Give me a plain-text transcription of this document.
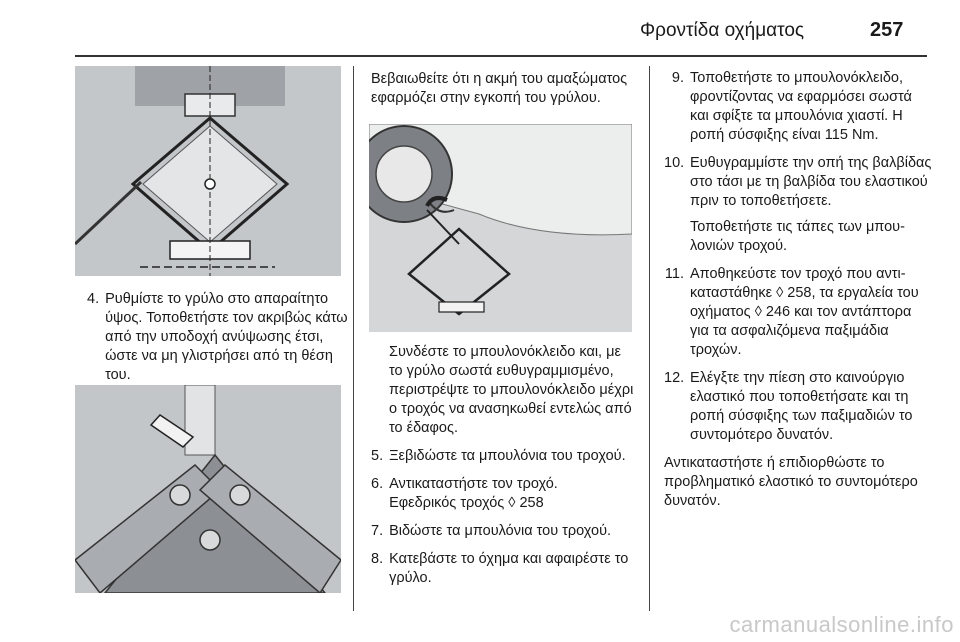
Φροντίδα οχήματος	257
4. Ρυθμίστε το γρύλο στο απαραίτητο ύψος. Τοποθετήστε τον ακριβώς κάτω από την υποδοχή ανύψωσης έτσι, ώστε να μη γλιστρήσει από τη θέση του.

Βεβαιωθείτε ότι η ακμή του αμαξώματος εφαρμόζει στην εγκοπή του γρύλου.

Συνδέστε το μπουλονόκλειδο και, με το γρύλο σωστά ευθυγραμμισμένο, περιστρέψτε το μπουλονόκλειδο μέχρι ο τροχός να ανασηκωθεί εντελώς από το έδαφος.

5. Ξεβιδώστε τα μπουλόνια του τροχού.

6. Αντικαταστήστε τον τροχό.

Εφεδρικός τροχός ◊ 258

7. Βιδώστε τα μπουλόνια του τροχού.

8. Κατεβάστε το όχημα και αφαιρέστε το γρύλο.

9. Τοποθετήστε το μπουλονόκλειδο, φροντίζοντας να εφαρμόσει σωστά και σφίξτε τα μπουλόνια χιαστί. Η ροπή σύσφιξης είναι 115 Nm.

10. Ευθυγραμμίστε την οπή της βαλβίδας στο τάσι με τη βαλβίδα του ελαστικού πριν το τοποθετήσετε.

Τοποθετήστε τις τάπες των μπουλονιών τροχού.

11. Αποθηκεύστε τον τροχό που αντικαταστάθηκε ◊ 258, τα εργαλεία του οχήματος ◊ 246 και τον αντάπτορα για τα ασφαλιζόμενα παξιμάδια τροχών.

12. Ελέγξτε την πίεση στο καινούργιο ελαστικό που τοποθετήσατε και τη ροπή σύσφιξης των παξιμαδιών το συντομότερο δυνατόν.

Αντικαταστήστε ή επιδιορθώστε το προβληματικό ελαστικό το συντομότερο δυνατόν.

carmanualsonline.info
